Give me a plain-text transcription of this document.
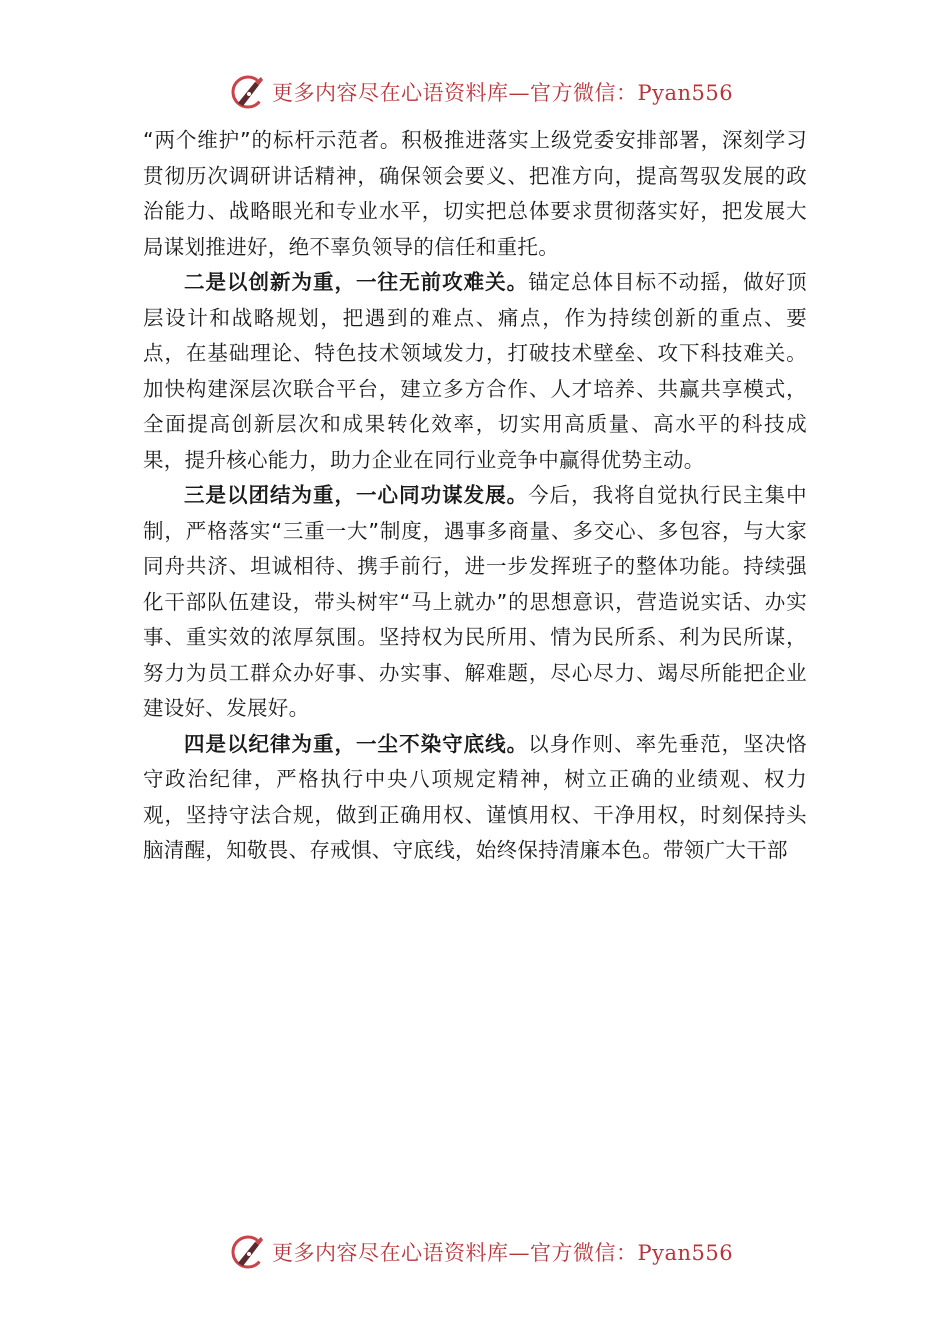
更多内容尽在心语资料库—官方微信：Pyan556

“两个维护”的标杆示范者。积极推进落实上级党委安排部署，深刻学习贯彻历次调研讲话精神，确保领会要义、把准方向，提高驾驭发展的政治能力、战略眼光和专业水平，切实把总体要求贯彻落实好，把发展大局谋划推进好，绝不辜负领导的信任和重托。

二是以创新为重，一往无前攻难关。锚定总体目标不动摇，做好顶层设计和战略规划，把遇到的难点、痛点，作为持续创新的重点、要点，在基础理论、特色技术领域发力，打破技术壁垒、攻下科技难关。加快构建深层次联合平台，建立多方合作、人才培养、共赢共享模式，全面提高创新层次和成果转化效率，切实用高质量、高水平的科技成果，提升核心能力，助力企业在同行业竞争中赢得优势主动。

三是以团结为重，一心同功谋发展。今后，我将自觉执行民主集中制，严格落实“三重一大”制度，遇事多商量、多交心、多包容，与大家同舟共济、坦诚相待、携手前行，进一步发挥班子的整体功能。持续强化干部队伍建设，带头树牢“马上就办”的思想意识，营造说实话、办实事、重实效的浓厚氛围。坚持权为民所用、情为民所系、利为民所谋，努力为员工群众办好事、办实事、解难题，尽心尽力、竭尽所能把企业建设好、发展好。

四是以纪律为重，一尘不染守底线。以身作则、率先垂范，坚决恪守政治纪律，严格执行中央八项规定精神，树立正确的业绩观、权力观，坚持守法合规，做到正确用权、谨慎用权、干净用权，时刻保持头脑清醒，知敬畏、存戒惧、守底线，始终保持清廉本色。带领广大干部

更多内容尽在心语资料库—官方微信：Pyan556
